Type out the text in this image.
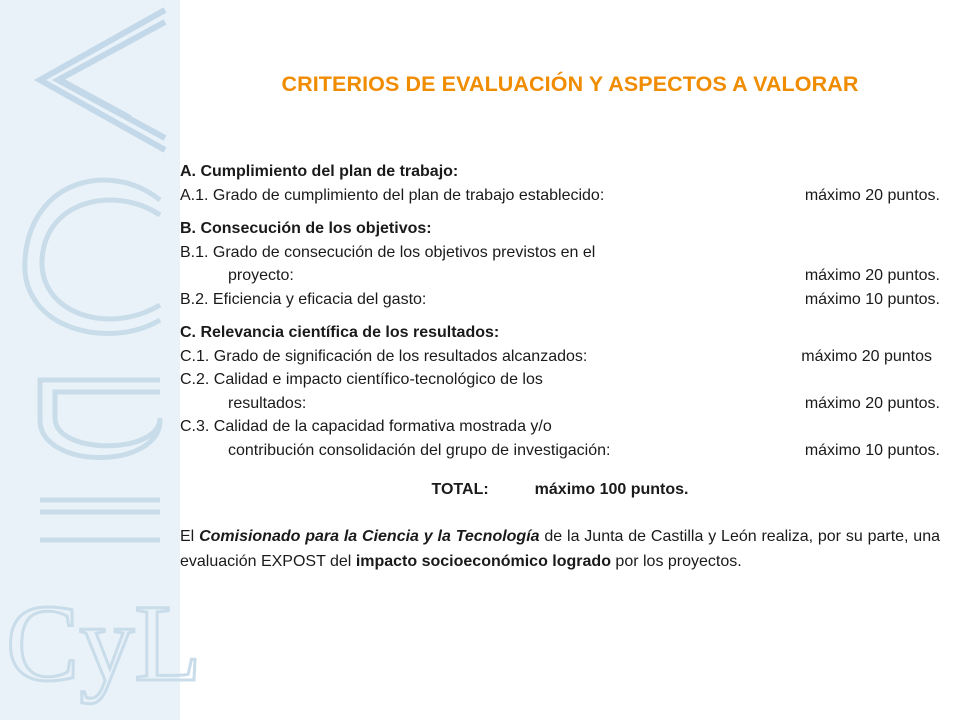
CyL
CRITERIOS DE EVALUACIÓN Y ASPECTOS A VALORAR
A. Cumplimiento del plan de trabajo:
A.1. Grado de cumplimiento del plan de trabajo establecido:	máximo 20 puntos.
B. Consecución de los objetivos:
B.1. Grado de consecución de los objetivos previstos en el
proyecto:	máximo 20 puntos.
B.2. Eficiencia y eficacia del gasto:	máximo 10 puntos.
C. Relevancia científica de los resultados:
C.1. Grado de significación de los resultados alcanzados:	máximo 20 puntos
C.2. Calidad e impacto científico-tecnológico de los
resultados:	máximo 20 puntos.
C.3. Calidad de la capacidad formativa mostrada y/o
contribución consolidación del grupo de investigación:	máximo 10 puntos.
TOTAL:	máximo 100 puntos.
El Comisionado para la Ciencia y la Tecnología de la Junta de Castilla y León realiza, por su parte, una evaluación EXPOST del impacto socioeconómico logrado por los proyectos.
